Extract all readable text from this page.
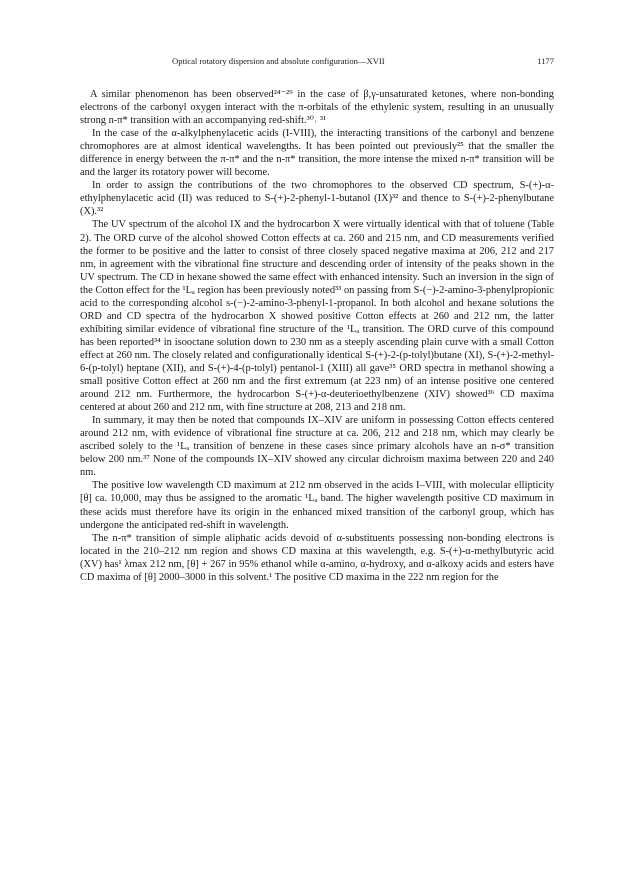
Optical rotatory dispersion and absolute configuration—XVII	1177

A similar phenomenon has been observed²⁴⁻²⁹ in the case of β,γ-unsaturated ketones, where non-bonding electrons of the carbonyl oxygen interact with the π-orbitals of the ethylenic system, resulting in an unusually strong n-π* transition with an accompanying red-shift.³⁰˒ ³¹

In the case of the α-alkylphenylacetic acids (I-VIII), the interacting transitions of the carbonyl and benzene chromophores are at almost identical wavelengths. It has been pointed out previously²⁵ that the smaller the difference in energy between the π-π* and the n-π* transition, the more intense the mixed n-π* transition will be and the larger its rotatory power will become.

In order to assign the contributions of the two chromophores to the observed CD spectrum, S-(+)-α-ethylphenylacetic acid (II) was reduced to S-(+)-2-phenyl-1-butanol (IX)³² and thence to S-(+)-2-phenylbutane (X).³²

The UV spectrum of the alcohol IX and the hydrocarbon X were virtually identical with that of toluene (Table 2). The ORD curve of the alcohol showed Cotton effects at ca. 260 and 215 nm, and CD measurements verified the former to be positive and the latter to consist of three closely spaced negative maxima at 206, 212 and 217 nm, in agreement with the vibrational fine structure and descending order of intensity of the peaks shown in the UV spectrum. The CD in hexane showed the same effect with enhanced intensity. Such an inversion in the sign of the Cotton effect for the ¹Lₐ region has been previously noted³³ on passing from S-(−)-2-amino-3-phenylpropionic acid to the corresponding alcohol s-(−)-2-amino-3-phenyl-1-propanol. In both alcohol and hexane solutions the ORD and CD spectra of the hydrocarbon X showed positive Cotton effects at 260 and 212 nm, the latter exhibiting similar evidence of vibrational fine structure of the ¹Lₐ transition. The ORD curve of this compound has been reported³⁴ in isooctane solution down to 230 nm as a steeply ascending plain curve with a small Cotton effect at 260 nm. The closely related and configurationally identical S-(+)-2-(p-tolyl)butane (XI), S-(+)-2-methyl-6-(p-tolyl) heptane (XII), and S-(+)-4-(p-tolyl) pentanol-1 (XIII) all gave³⁵ ORD spectra in methanol showing a small positive Cotton effect at 260 nm and the first extremum (at 223 nm) of an intense positive one centered around 212 nm. Furthermore, the hydrocarbon S-(+)-α-deuterioethylbenzene (XIV) showed³⁶ CD maxima centered at about 260 and 212 nm, with fine structure at 208, 213 and 218 nm.

In summary, it may then be noted that compounds IX–XIV are uniform in possessing Cotton effects centered around 212 nm, with evidence of vibrational fine structure at ca. 206, 212 and 218 nm, which may clearly be ascribed solely to the ¹Lₐ transition of benzene in these cases since primary alcohols have an n-σ* transition below 200 nm.³⁷ None of the compounds IX–XIV showed any circular dichroism maxima between 220 and 240 nm.

The positive low wavelength CD maximum at 212 nm observed in the acids I–VIII, with molecular ellipticity [θ] ca. 10,000, may thus be assigned to the aromatic ¹Lₐ band. The higher wavelength positive CD maximum in these acids must therefore have its origin in the enhanced mixed transition of the carbonyl group, which has undergone the anticipated red-shift in wavelength.

The n-π* transition of simple aliphatic acids devoid of α-substituents possessing non-bonding electrons is located in the 210–212 nm region and shows CD maxina at this wavelength, e.g. S-(+)-α-methylbutyric acid (XV) has¹ λmax 212 nm, [θ] + 267 in 95% ethanol while α-amino, α-hydroxy, and α-alkoxy acids and esters have CD maxima of [θ] 2000–3000 in this solvent.¹ The positive CD maxima in the 222 nm region for the
